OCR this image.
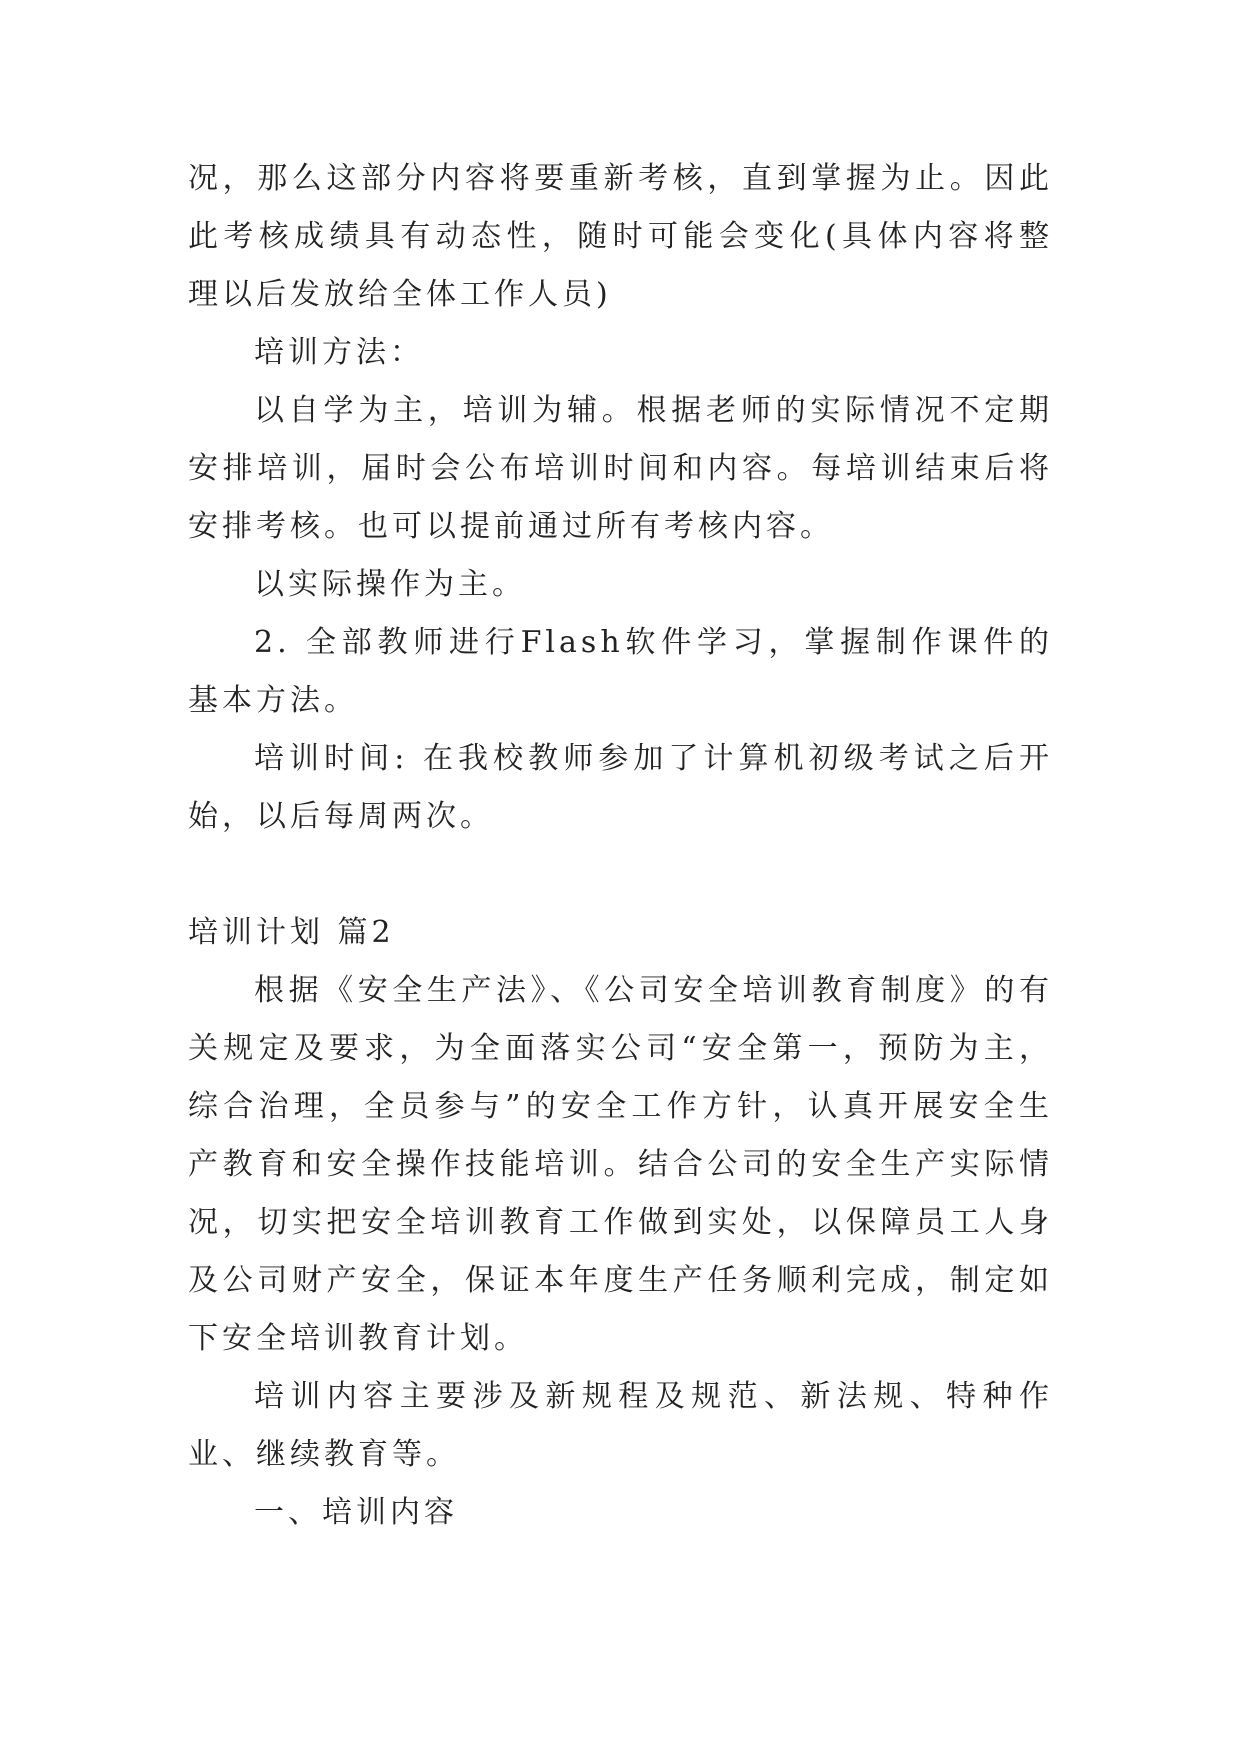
况，那么这部分内容将要重新考核，直到掌握为止。因此此考核成绩具有动态性，随时可能会变化(具体内容将整理以后发放给全体工作人员)

培训方法：

以自学为主，培训为辅。根据老师的实际情况不定期安排培训，届时会公布培训时间和内容。每培训结束后将安排考核。也可以提前通过所有考核内容。

以实际操作为主。

2. 全部教师进行Flash软件学习，掌握制作课件的基本方法。

培训时间: 在我校教师参加了计算机初级考试之后开始，以后每周两次。

培训计划 篇2

根据《安全生产法》、《公司安全培训教育制度》的有关规定及要求，为全面落实公司“安全第一，预防为主，综合治理，全员参与”的安全工作方针，认真开展安全生产教育和安全操作技能培训。结合公司的安全生产实际情况，切实把安全培训教育工作做到实处，以保障员工人身及公司财产安全，保证本年度生产任务顺利完成，制定如下安全培训教育计划。

培训内容主要涉及新规程及规范、新法规、特种作业、继续教育等。

一、培训内容
